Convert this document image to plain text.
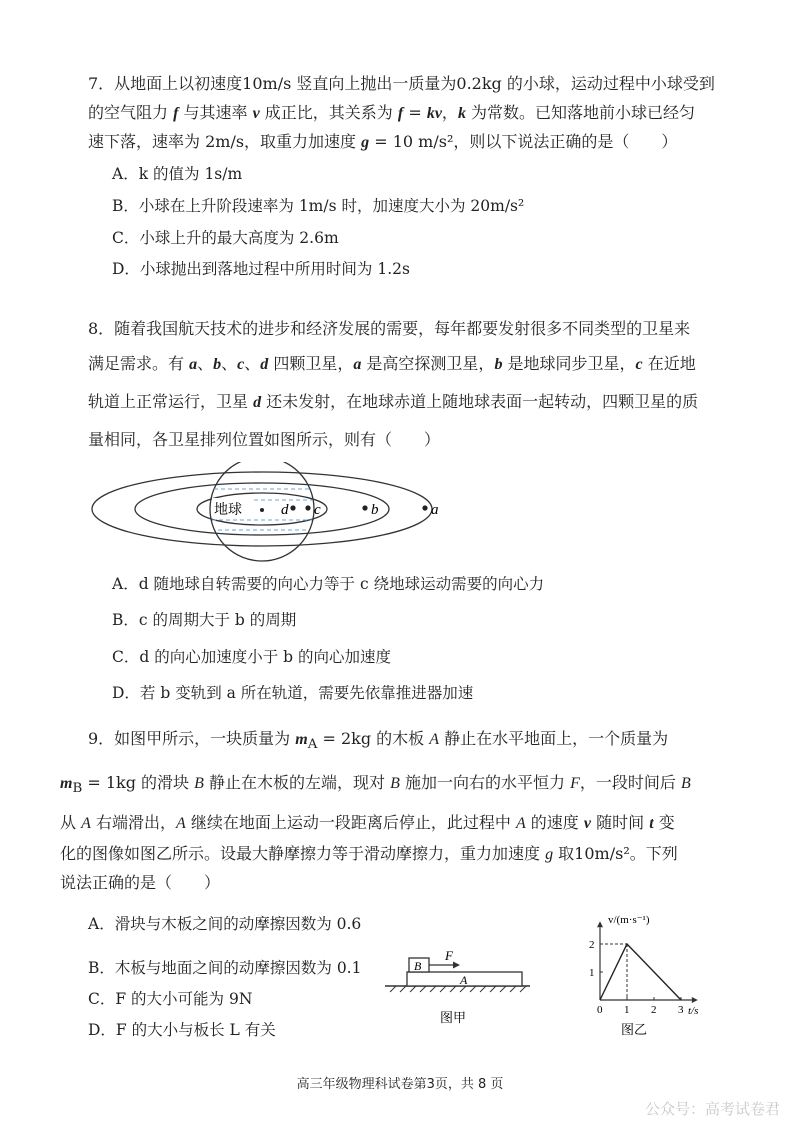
7．从地面上以初速度10m/s 竖直向上抛出一质量为0.2kg 的小球，运动过程中小球受到
的空气阻力 f 与其速率 v 成正比，其关系为 f = kv，k 为常数。已知落地前小球已经匀
速下落，速率为 2m/s，取重力加速度 g = 10 m/s²，则以下说法正确的是（　　）
A．k 的值为 1s/m
B．小球在上升阶段速率为 1m/s 时，加速度大小为 20m/s²
C．小球上升的最大高度为 2.6m
D．小球抛出到落地过程中所用时间为 1.2s
8．随着我国航天技术的进步和经济发展的需要，每年都要发射很多不同类型的卫星来
满足需求。有 a、b、c、d 四颗卫星，a 是高空探测卫星，b 是地球同步卫星，c 在近地
轨道上正常运行，卫星 d 还未发射，在地球赤道上随地球表面一起转动，四颗卫星的质
量相同，各卫星排列位置如图所示，则有（　　）
地球	d c	b	a
A．d 随地球自转需要的向心力等于 c 绕地球运动需要的向心力
B．c 的周期大于 b 的周期
C．d 的向心加速度小于 b 的向心加速度
D．若 b 变轨到 a 所在轨道，需要先依靠推进器加速
9．如图甲所示，一块质量为 $m_A = 2kg$ 的木板 A 静止在水平地面上，一个质量为
$m_B = 1kg$ 的滑块 B 静止在木板的左端，现对 B 施加一向右的水平恒力 F，一段时间后 B
从 A 右端滑出，A 继续在地面上运动一段距离后停止，此过程中 A 的速度 v 随时间 t 变
化的图像如图乙所示。设最大静摩擦力等于滑动摩擦力，重力加速度 g 取10m/s²。下列
说法正确的是（　　）
A．滑块与木板之间的动摩擦因数为 0.6
B．木板与地面之间的动摩擦因数为 0.1
C．F 的大小可能为 9N
D．F 的大小与板长 L 有关
A
B
F
图甲
v/(m·s⁻¹)
t/s
图乙
0 1 2 3
1
2
高三年级物理科试卷第3页，共 8 页
公众号：高考试卷君
